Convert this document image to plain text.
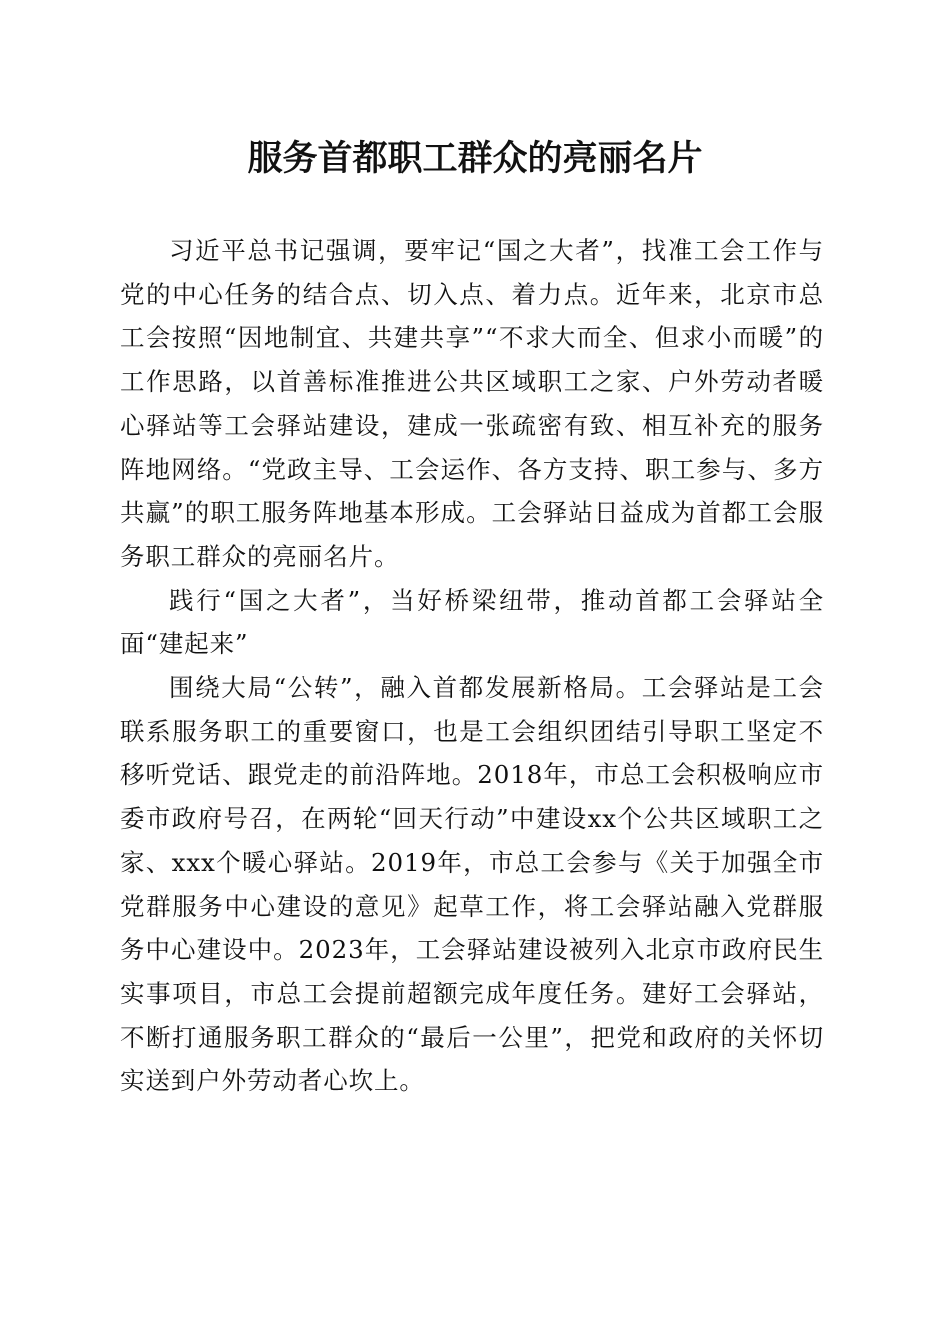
服务首都职工群众的亮丽名片

习近平总书记强调，要牢记“国之大者”，找准工会工作与党的中心任务的结合点、切入点、着力点。近年来，北京市总工会按照“因地制宜、共建共享”“不求大而全、但求小而暖”的工作思路，以首善标准推进公共区域职工之家、户外劳动者暖心驿站等工会驿站建设，建成一张疏密有致、相互补充的服务阵地网络。“党政主导、工会运作、各方支持、职工参与、多方共赢”的职工服务阵地基本形成。工会驿站日益成为首都工会服务职工群众的亮丽名片。

践行“国之大者”，当好桥梁纽带，推动首都工会驿站全面“建起来”

围绕大局“公转”，融入首都发展新格局。工会驿站是工会联系服务职工的重要窗口，也是工会组织团结引导职工坚定不移听党话、跟党走的前沿阵地。2018年，市总工会积极响应市委市政府号召，在两轮“回天行动”中建设xx个公共区域职工之家、xxx个暖心驿站。2019年，市总工会参与《关于加强全市党群服务中心建设的意见》起草工作，将工会驿站融入党群服务中心建设中。2023年，工会驿站建设被列入北京市政府民生实事项目，市总工会提前超额完成年度任务。建好工会驿站，不断打通服务职工群众的“最后一公里”，把党和政府的关怀切实送到户外劳动者心坎上。
